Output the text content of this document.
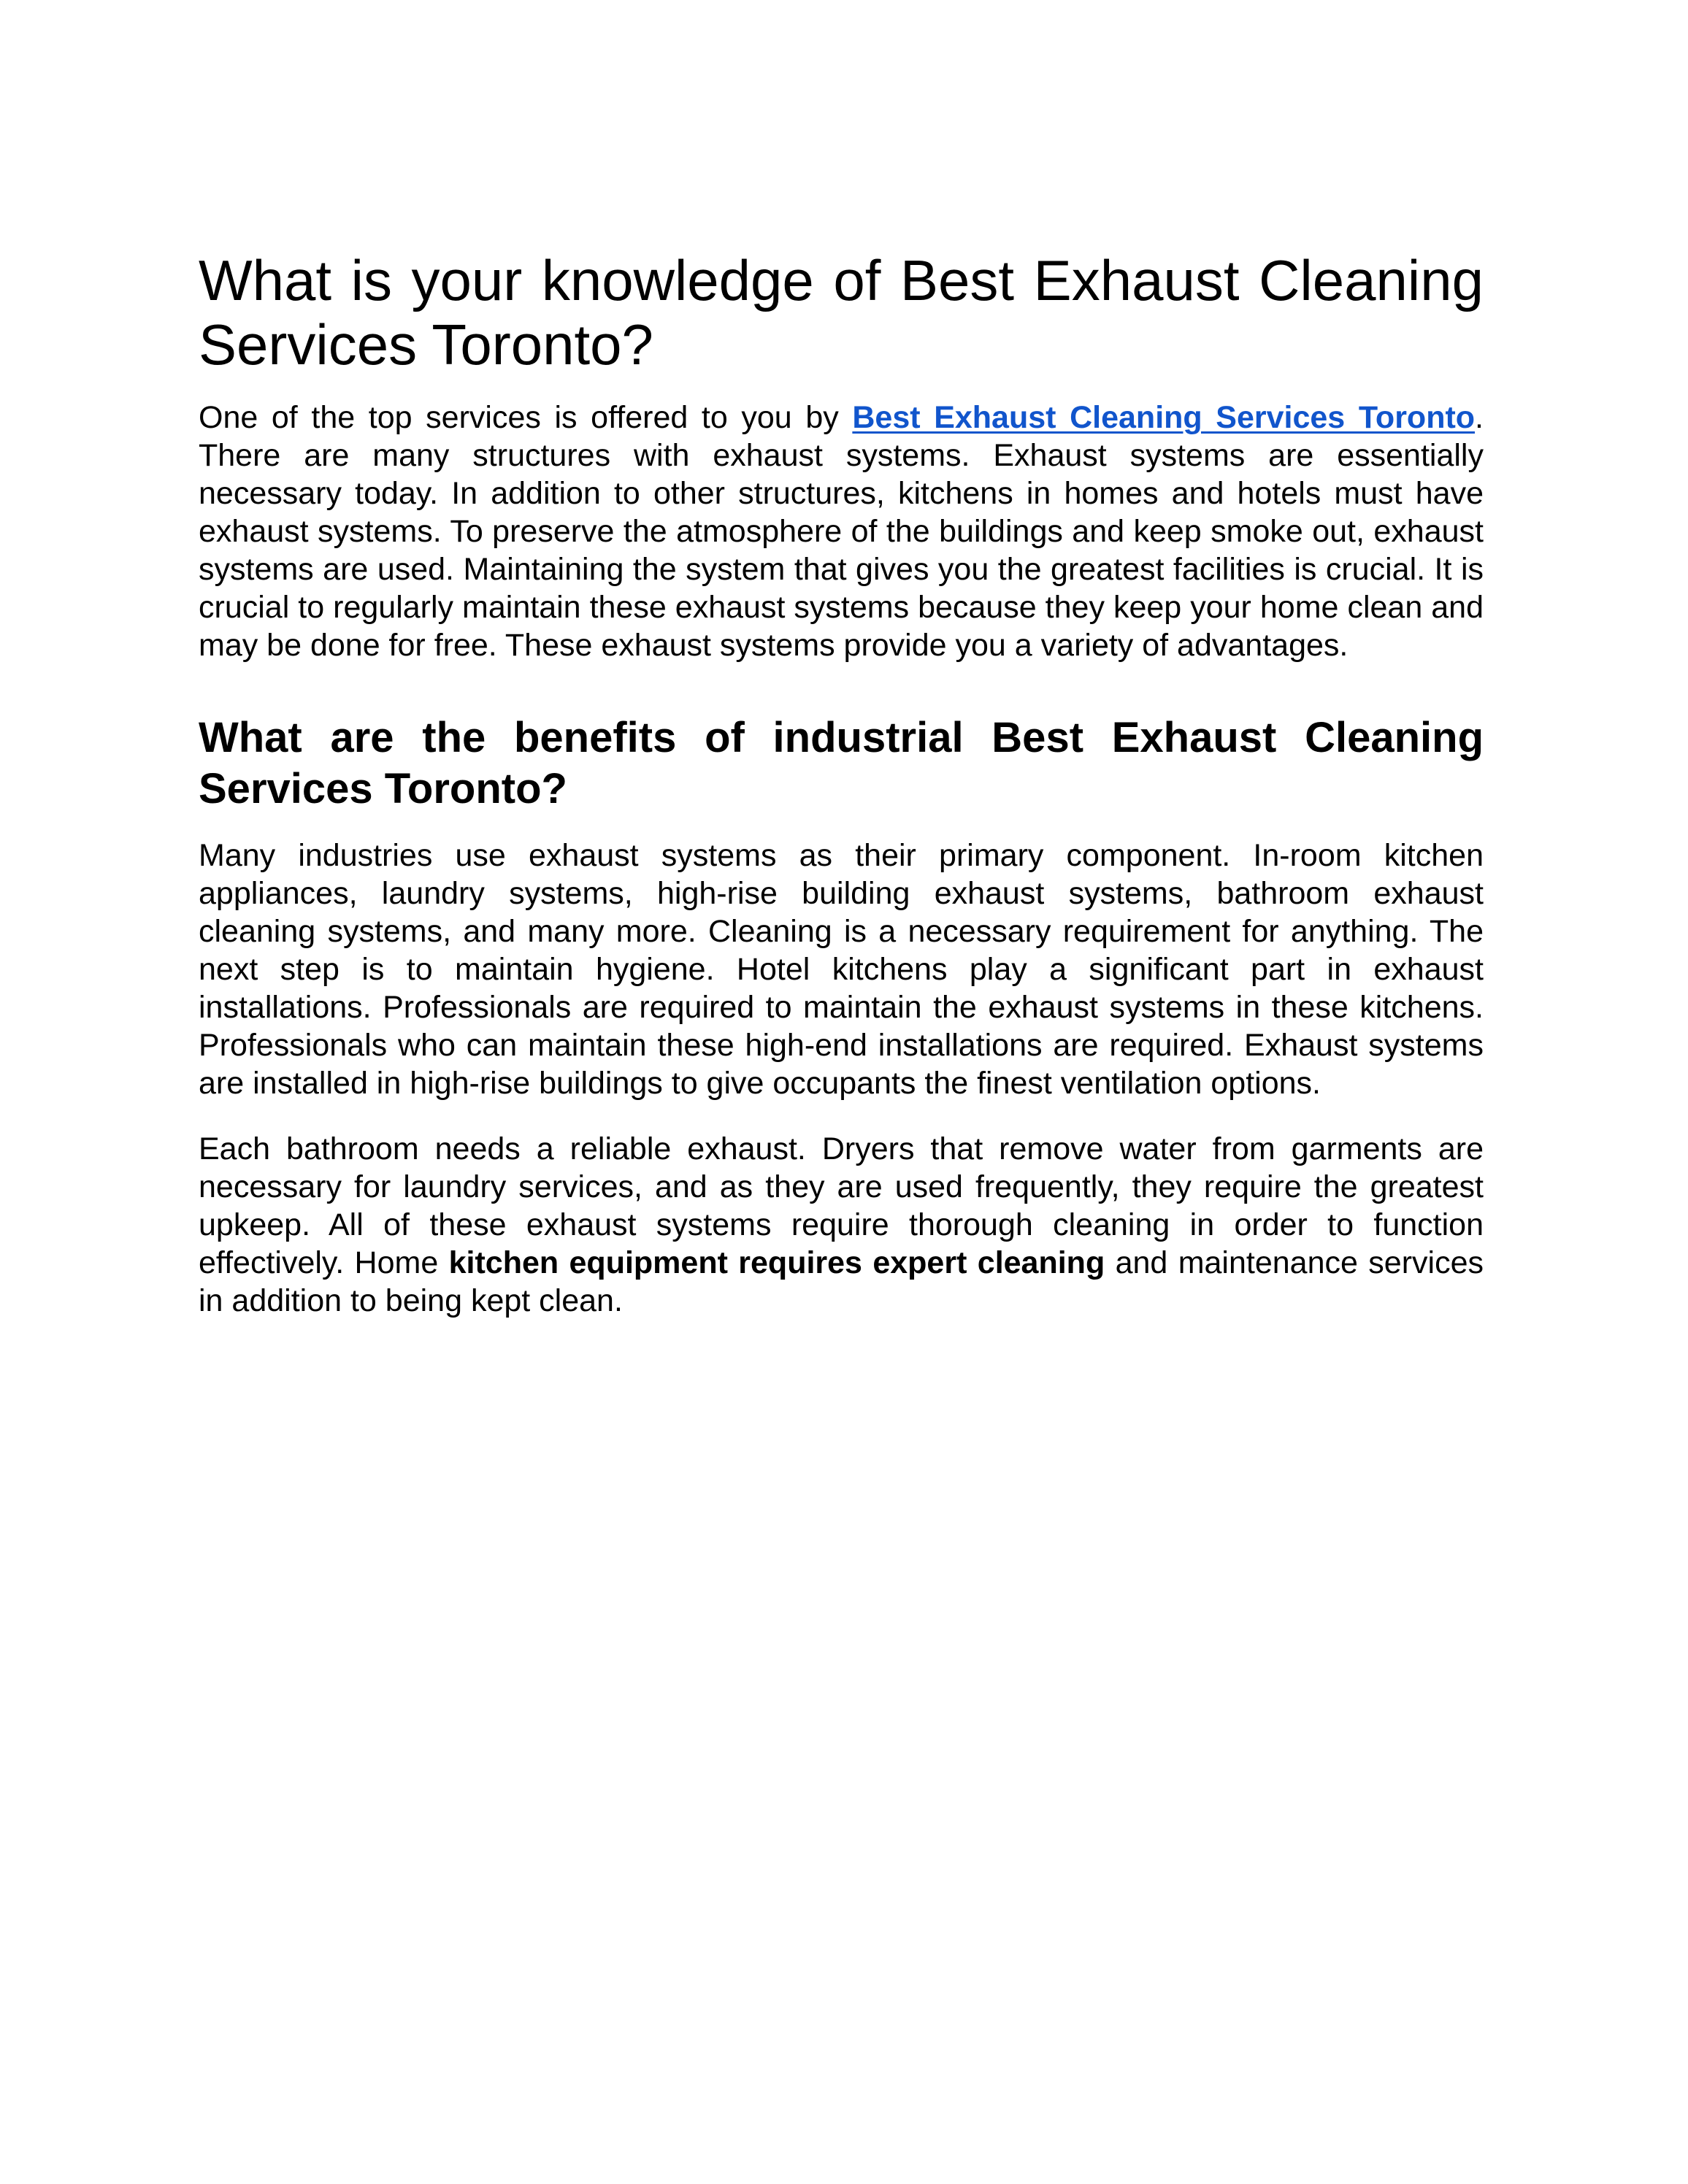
What is your knowledge of Best Exhaust Cleaning Services Toronto?

One of the top services is offered to you by Best Exhaust Cleaning Services Toronto. There are many structures with exhaust systems. Exhaust systems are essentially necessary today. In addition to other structures, kitchens in homes and hotels must have exhaust systems. To preserve the atmosphere of the buildings and keep smoke out, exhaust systems are used. Maintaining the system that gives you the greatest facilities is crucial. It is crucial to regularly maintain these exhaust systems because they keep your home clean and may be done for free. These exhaust systems provide you a variety of advantages.

What are the benefits of industrial Best Exhaust Cleaning Services Toronto?

Many industries use exhaust systems as their primary component. In-room kitchen appliances, laundry systems, high-rise building exhaust systems, bathroom exhaust cleaning systems, and many more. Cleaning is a necessary requirement for anything. The next step is to maintain hygiene. Hotel kitchens play a significant part in exhaust installations. Professionals are required to maintain the exhaust systems in these kitchens. Professionals who can maintain these high-end installations are required. Exhaust systems are installed in high-rise buildings to give occupants the finest ventilation options.

Each bathroom needs a reliable exhaust. Dryers that remove water from garments are necessary for laundry services, and as they are used frequently, they require the greatest upkeep. All of these exhaust systems require thorough cleaning in order to function effectively. Home kitchen equipment requires expert cleaning and maintenance services in addition to being kept clean.
